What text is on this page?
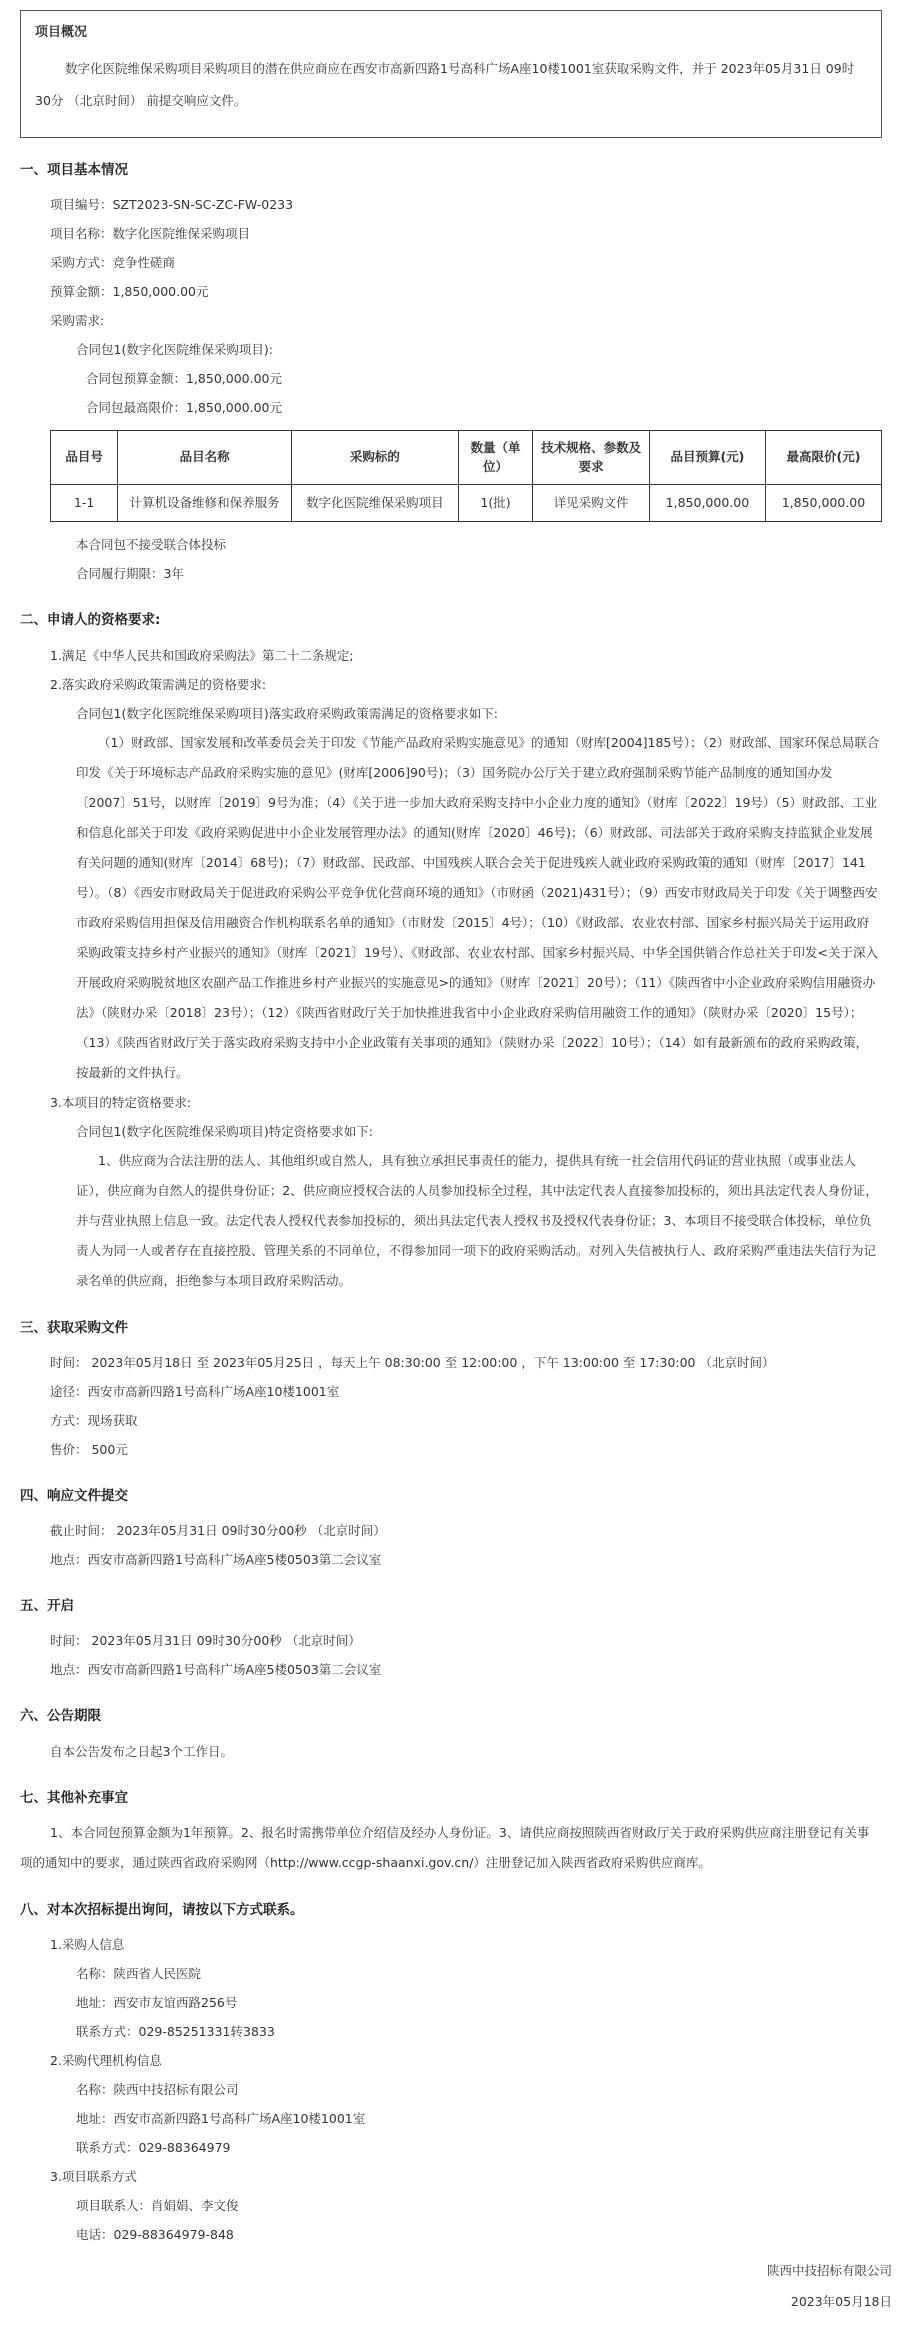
项目概况
数字化医院维保采购项目采购项目的潜在供应商应在西安市高新四路1号高科广场A座10楼1001室获取采购文件，并于 2023年05月31日 09时30分 （北京时间） 前提交响应文件。
一、项目基本情况
项目编号：SZT2023-SN-SC-ZC-FW-0233
项目名称：数字化医院维保采购项目
采购方式：竞争性磋商
预算金额：1,850,000.00元
采购需求:
合同包1(数字化医院维保采购项目):
合同包预算金额：1,850,000.00元
合同包最高限价：1,850,000.00元
品目号	品目名称	采购标的	数量（单位）	技术规格、参数及要求	品目预算(元)	最高限价(元)
1-1	计算机设备维修和保养服务	数字化医院维保采购项目	1(批)	详见采购文件	1,850,000.00	1,850,000.00
本合同包不接受联合体投标
合同履行期限：3年
二、申请人的资格要求:
1.满足《中华人民共和国政府采购法》第二十二条规定;
2.落实政府采购政策需满足的资格要求:
合同包1(数字化医院维保采购项目)落实政府采购政策需满足的资格要求如下:
（1）财政部、国家发展和改革委员会关于印发《节能产品政府采购实施意见》的通知（财库[2004]185号）；（2）财政部、国家环保总局联合印发《关于环境标志产品政府采购实施的意见》(财库[2006]90号)；（3）国务院办公厅关于建立政府强制采购节能产品制度的通知国办发〔2007〕51号，以财库〔2019〕9号为准；（4）《关于进一步加大政府采购支持中小企业力度的通知》（财库〔2022〕19号）（5）财政部、工业和信息化部关于印发《政府采购促进中小企业发展管理办法》的通知(财库〔2020〕46号)；（6）财政部、司法部关于政府采购支持监狱企业发展有关问题的通知(财库〔2014〕68号)；（7）财政部、民政部、中国残疾人联合会关于促进残疾人就业政府采购政策的通知（财库〔2017〕141号）。（8）《西安市财政局关于促进政府采购公平竞争优化营商环境的通知》（市财函（2021)431号）；（9）西安市财政局关于印发《关于调整西安市政府采购信用担保及信用融资合作机构联系名单的通知》（市财发〔2015〕4号）；（10）《财政部、农业农村部、国家乡村振兴局关于运用政府采购政策支持乡村产业振兴的通知》（财库〔2021〕19号）、《财政部、农业农村部、国家乡村振兴局、中华全国供销合作总社关于印发<关于深入开展政府采购脱贫地区农副产品工作推进乡村产业振兴的实施意见>的通知》（财库〔2021〕20号）；（11）《陕西省中小企业政府采购信用融资办法》（陕财办采〔2018〕23号）；（12）《陕西省财政厅关于加快推进我省中小企业政府采购信用融资工作的通知》（陕财办采〔2020〕15号）；（13）《陕西省财政厅关于落实政府采购支持中小企业政策有关事项的通知》（陕财办采〔2022〕10号）；（14）如有最新颁布的政府采购政策，按最新的文件执行。
3.本项目的特定资格要求:
合同包1(数字化医院维保采购项目)特定资格要求如下:
1、供应商为合法注册的法人、其他组织或自然人，具有独立承担民事责任的能力，提供具有统一社会信用代码证的营业执照（或事业法人证），供应商为自然人的提供身份证；2、供应商应授权合法的人员参加投标全过程，其中法定代表人直接参加投标的，须出具法定代表人身份证，并与营业执照上信息一致。法定代表人授权代表参加投标的，须出具法定代表人授权书及授权代表身份证；3、本项目不接受联合体投标，单位负责人为同一人或者存在直接控股、管理关系的不同单位，不得参加同一项下的政府采购活动。对列入失信被执行人、政府采购严重违法失信行为记录名单的供应商，拒绝参与本项目政府采购活动。
三、获取采购文件
时间： 2023年05月18日 至 2023年05月25日 ，每天上午 08:30:00 至 12:00:00 ，下午 13:00:00 至 17:30:00 （北京时间）
途径：西安市高新四路1号高科广场A座10楼1001室
方式：现场获取
售价： 500元
四、响应文件提交
截止时间： 2023年05月31日 09时30分00秒 （北京时间）
地点：西安市高新四路1号高科广场A座5楼0503第二会议室
五、开启
时间： 2023年05月31日 09时30分00秒 （北京时间）
地点：西安市高新四路1号高科广场A座5楼0503第二会议室
六、公告期限
自本公告发布之日起3个工作日。
七、其他补充事宜
1、本合同包预算金额为1年预算。2、报名时需携带单位介绍信及经办人身份证。3、请供应商按照陕西省财政厅关于政府采购供应商注册登记有关事项的通知中的要求，通过陕西省政府采购网（http://www.ccgp-shaanxi.gov.cn/）注册登记加入陕西省政府采购供应商库。
八、对本次招标提出询问，请按以下方式联系。
1.采购人信息
名称：陕西省人民医院
地址：西安市友谊西路256号
联系方式：029-85251331转3833
2.采购代理机构信息
名称：陕西中技招标有限公司
地址：西安市高新四路1号高科广场A座10楼1001室
联系方式：029-88364979
3.项目联系方式
项目联系人：肖娟娟、李文俊
电话：029-88364979-848
陕西中技招标有限公司
2023年05月18日
